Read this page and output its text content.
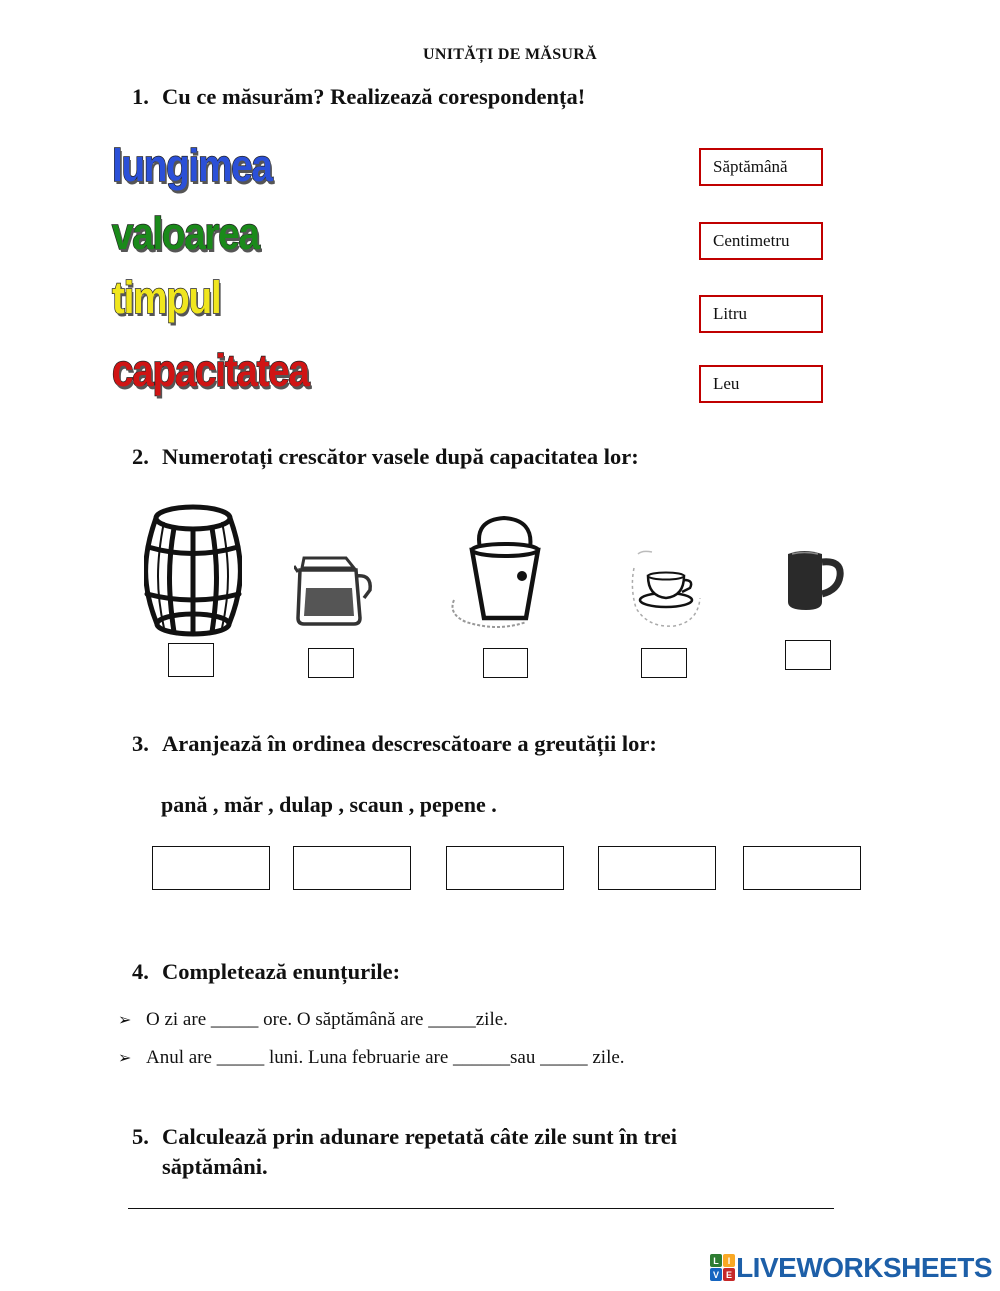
UNITĂȚI DE MĂSURĂ
1. Cu ce măsurăm? Realizează corespondența!
lungimea
valoarea
timpul
capacitatea
Săptămână
Centimetru
Litru
Leu
2. Numerotați crescător vasele după capacitatea lor:
3. Aranjează în ordinea descrescătoare a greutății lor:
pană , măr , dulap , scaun , pepene .
4. Completează enunțurile:
➢ O zi are _____ ore. O săptămână are _____zile.
➢ Anul are _____ luni. Luna februarie are ______sau _____ zile.
5. Calculează prin adunare repetată câte zile sunt în trei
săptămâni.
L I
V E LIVEWORKSHEETS
